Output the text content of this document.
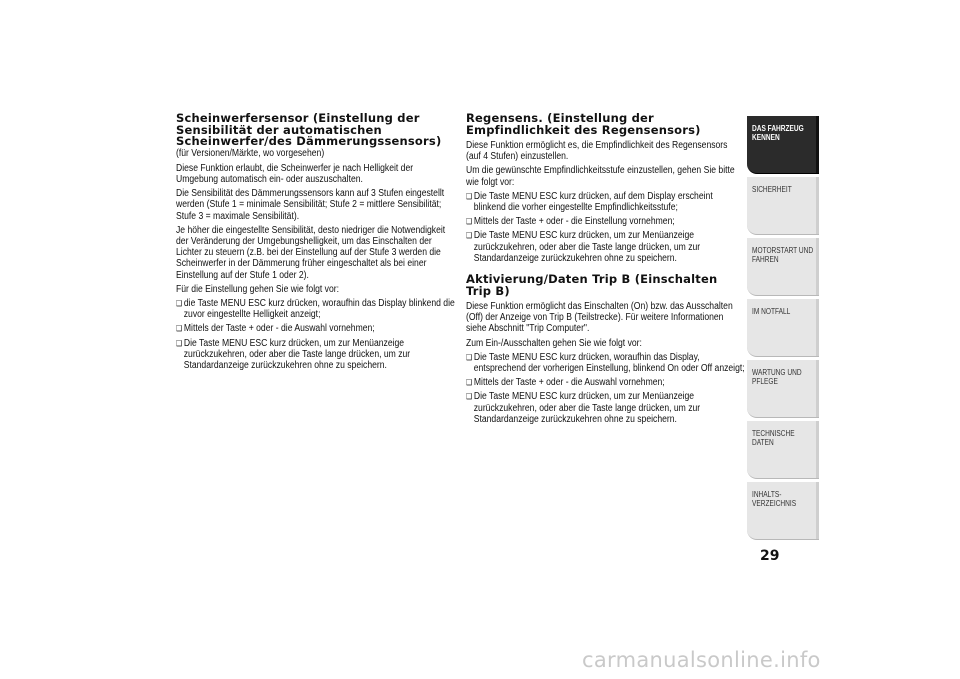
Scheinwerfersensor (Einstellung der Sensibilität der automatischen Scheinwerfer/des Dämmerungssensors)

(für Versionen/Märkte, wo vorgesehen)

Diese Funktion erlaubt, die Scheinwerfer je nach Helligkeit der Umgebung automatisch ein- oder auszuschalten.

Die Sensibilität des Dämmerungssensors kann auf 3 Stufen eingestellt werden (Stufe 1 = minimale Sensibilität; Stufe 2 = mittlere Sensibilität; Stufe 3 = maximale Sensibilität).

Je höher die eingestellte Sensibilität, desto niedriger die Notwendigkeit der Veränderung der Umgebungshelligkeit, um das Einschalten der Lichter zu steuern (z.B. bei der Einstellung auf der Stufe 3 werden die Scheinwerfer in der Dämmerung früher eingeschaltet als bei einer Einstellung auf der Stufe 1 oder 2).

Für die Einstellung gehen Sie wie folgt vor:

❑ die Taste MENU ESC kurz drücken, woraufhin das Display blinkend die zuvor eingestellte Helligkeit anzeigt;

❑ Mittels der Taste + oder - die Auswahl vornehmen;

❑ Die Taste MENU ESC kurz drücken, um zur Menüanzeige zurückzukehren, oder aber die Taste lange drücken, um zur Standardanzeige zurückzukehren ohne zu speichern.

Regensens. (Einstellung der Empfindlichkeit des Regensensors)

Diese Funktion ermöglicht es, die Empfindlichkeit des Regensensors (auf 4 Stufen) einzustellen.

Um die gewünschte Empfindlichkeitsstufe einzustellen, gehen Sie bitte wie folgt vor:

❑ Die Taste MENU ESC kurz drücken, auf dem Display erscheint blinkend die vorher eingestellte Empfindlichkeitsstufe;

❑ Mittels der Taste + oder - die Einstellung vornehmen;

❑ Die Taste MENU ESC kurz drücken, um zur Menüanzeige zurückzukehren, oder aber die Taste lange drücken, um zur Standardanzeige zurückzukehren ohne zu speichern.

Aktivierung/Daten Trip B (Einschalten Trip B)

Diese Funktion ermöglicht das Einschalten (On) bzw. das Ausschalten (Off) der Anzeige von Trip B (Teilstrecke). Für weitere Informationen siehe Abschnitt "Trip Computer".

Zum Ein-/Ausschalten gehen Sie wie folgt vor:

❑ Die Taste MENU ESC kurz drücken, woraufhin das Display, entsprechend der vorherigen Einstellung, blinkend On oder Off anzeigt;

❑ Mittels der Taste + oder - die Auswahl vornehmen;

❑ Die Taste MENU ESC kurz drücken, um zur Menüanzeige zurückzukehren, oder aber die Taste lange drücken, um zur Standardanzeige zurückzukehren ohne zu speichern.

DAS FAHRZEUG
KENNEN
SICHERHEIT
MOTORSTART UND
FAHREN
IM NOTFALL
WARTUNG UND
PFLEGE
TECHNISCHE DATEN
INHALTS-
VERZEICHNIS
29
carmanualsonline.info
